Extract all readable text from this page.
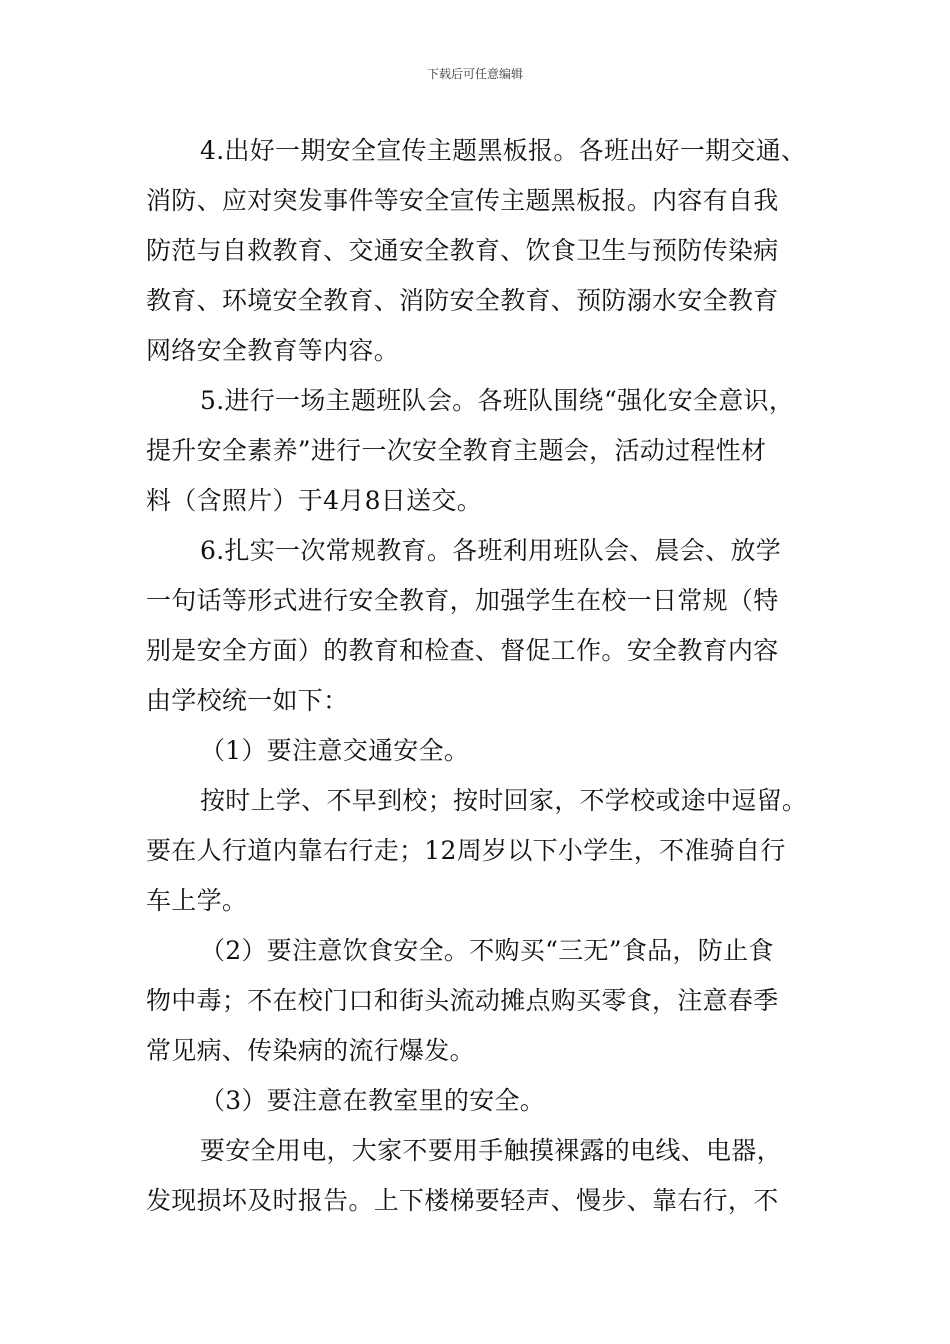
下载后可任意编辑
4.出好一期安全宣传主题黑板报。各班出好一期交通、
消防、应对突发事件等安全宣传主题黑板报。内容有自我
防范与自救教育、交通安全教育、饮食卫生与预防传染病
教育、环境安全教育、消防安全教育、预防溺水安全教育
网络安全教育等内容。
5.进行一场主题班队会。各班队围绕“强化安全意识，
提升安全素养”进行一次安全教育主题会，活动过程性材
料（含照片）于4月8日送交。
6.扎实一次常规教育。各班利用班队会、晨会、放学
一句话等形式进行安全教育，加强学生在校一日常规（特
别是安全方面）的教育和检查、督促工作。安全教育内容
由学校统一如下：
（1）要注意交通安全。
按时上学、不早到校；按时回家，不学校或途中逗留。
要在人行道内靠右行走；12周岁以下小学生，不准骑自行
车上学。
（2）要注意饮食安全。不购买“三无”食品，防止食
物中毒；不在校门口和街头流动摊点购买零食，注意春季
常见病、传染病的流行爆发。
（3）要注意在教室里的安全。
要安全用电，大家不要用手触摸裸露的电线、电器，
发现损坏及时报告。上下楼梯要轻声、慢步、靠右行，不
